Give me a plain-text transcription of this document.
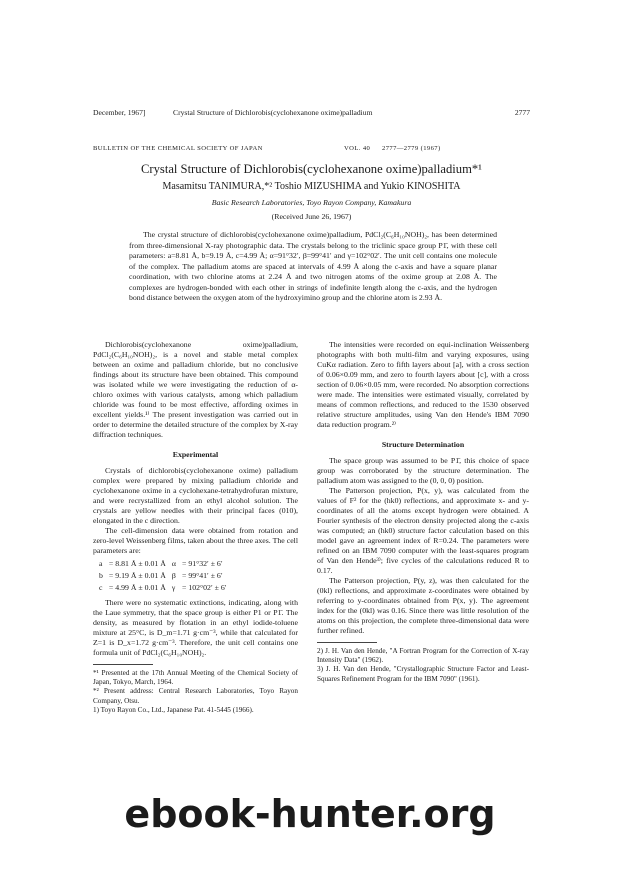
December, 1967]	Crystal Structure of Dichlorobis(cyclohexanone oxime)palladium	2777
BULLETIN OF THE CHEMICAL SOCIETY OF JAPAN	VOL. 40 2777—2779 (1967)
Crystal Structure of Dichlorobis(cyclohexanone oxime)palladium*¹
Masamitsu TANIMURA,*² Toshio MIZUSHIMA and Yukio KINOSHITA
Basic Research Laboratories, Toyo Rayon Company, Kamakura
(Received June 26, 1967)
The crystal structure of dichlorobis(cyclohexanone oxime)palladium, PdCl₂(C₆H₁₀NOH)₂, has been determined from three-dimensional X-ray photographic data. The crystals belong to the triclinic space group P1̄, with these cell parameters: a=8.81 Å, b=9.19 Å, c=4.99 Å; α=91°32′, β=99°41′ and γ=102°02′. The unit cell contains one molecule of the complex. The palladium atoms are spaced at intervals of 4.99 Å along the c-axis and have a square planar coordination, with two chlorine atoms at 2.24 Å and two nitrogen atoms of the oxime group at 2.08 Å. The complexes are hydrogen-bonded with each other in strings of indefinite length along the c-axis, and the hydrogen bond distance between the oxygen atom of the hydroxyimino group and the chlorine atom is 2.93 Å.

Dichlorobis(cyclohexanone oxime)palladium, PdCl₂(C₆H₁₀NOH)₂, is a novel and stable metal complex between an oxime and palladium chloride, but no conclusive findings about its structure have been obtained. This compound was isolated while we were investigating the reduction of α-chloro oximes with various catalysts, among which palladium chloride was found to be most effective, affording oximes in excellent yields.¹⁾ The present investigation was carried out in order to determine the detailed structure of the complex by X-ray diffraction techniques.

Experimental

Crystals of dichlorobis(cyclohexanone oxime) palladium complex were prepared by mixing palladium chloride and cyclohexanone oxime in a cyclohexane-tetrahydrofuran mixture, and were recrystallized from an ethyl alcohol solution. The crystals are yellow needles with their principal faces (010), elongated in the c direction.

The cell-dimension data were obtained from rotation and zero-level Weissenberg films, taken about the three axes. The cell parameters are:

a	= 8.81 Å ± 0.01 Å	α	= 91°32′ ± 6′
b	= 9.19 Å ± 0.01 Å	β	= 99°41′ ± 6′
c	= 4.99 Å ± 0.01 Å	γ	= 102°02′ ± 6′

There were no systematic extinctions, indicating, along with the Laue symmetry, that the space group is either P1 or P1̄. The density, as measured by flotation in an ethyl iodide-toluene mixture at 25°C, is D_m=1.71 g·cm⁻³, while that calculated for Z=1 is D_x=1.72 g·cm⁻³. Therefore, the unit cell contains one formula unit of PdCl₂(C₆H₁₀NOH)₂.

*¹ Presented at the 17th Annual Meeting of the Chemical Society of Japan, Tokyo, March, 1964.

*² Present address: Central Research Laboratories, Toyo Rayon Company, Otsu.

1) Toyo Rayon Co., Ltd., Japanese Pat. 41-5445 (1966).

The intensities were recorded on equi-inclination Weissenberg photographs with both multi-film and varying exposures, using CuKα radiation. Zero to fifth layers about [a], with a cross section of 0.06×0.09 mm, and zero to fourth layers about [c], with a cross section of 0.06×0.05 mm, were recorded. No absorption corrections were made. The intensities were estimated visually, correlated by means of common reflections, and reduced to the 1530 observed relative structure amplitudes, using Van den Hende's IBM 7090 data reduction program.²⁾

Structure Determination

The space group was assumed to be P1̄, this choice of space group was corroborated by the structure determination. The palladium atom was assigned to the (0, 0, 0) position.

The Patterson projection, P(x, y), was calculated from the values of F² for the (hk0) reflections, and approximate x- and y-coordinates of all the atoms except hydrogen were obtained. A Fourier synthesis of the electron density projected along the c-axis was computed; an (hk0) structure factor calculation based on this model gave an agreement index of R=0.24. The parameters were refined on an IBM 7090 computer with the least-squares program of Van den Hende³⁾; five cycles of the calculations reduced R to 0.17.

The Patterson projection, P(y, z), was then calculated for the (0kl) reflections, and approximate z-coordinates were obtained by referring to y-coordinates obtained from P(x, y). The agreement index for the (0kl) was 0.16. Since there was little resolution of the atoms on this projection, the complete three-dimensional data were further refined.

2) J. H. Van den Hende, "A Fortran Program for the Correction of X-ray Intensity Data" (1962).

3) J. H. Van den Hende, "Crystallographic Structure Factor and Least-Squares Refinement Program for the IBM 7090" (1961).

ebook-hunter.org
